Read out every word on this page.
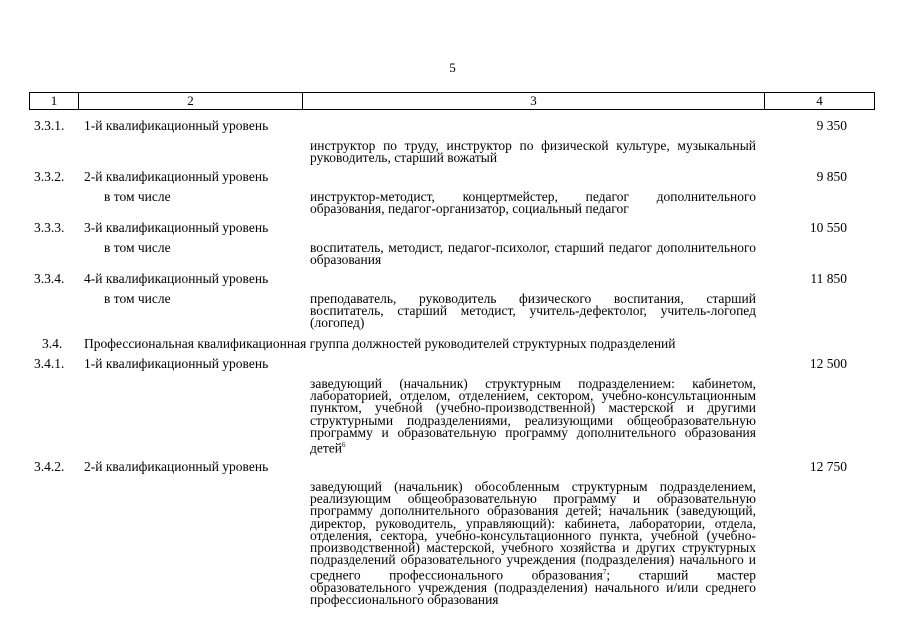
5
1	2	3	4
3.3.1. 1-й квалификационный уровень	9 350
инструктор по труду, инструктор по физической культуре, музыкальный руководитель, старший вожатый
3.3.2. 2-й квалификационный уровень	9 850
в том числе	инструктор-методист, концертмейстер, педагог дополнительного образования, педагог-организатор, социальный педагог
3.3.3. 3-й квалификационный уровень	10 550
в том числе	воспитатель, методист, педагог-психолог, старший педагог дополнительного образования
3.3.4. 4-й квалификационный уровень	11 850
в том числе	преподаватель, руководитель физического воспитания, старший воспитатель, старший методист, учитель-дефектолог, учитель-логопед (логопед)
3.4. Профессиональная квалификационная группа должностей руководителей структурных подразделений
3.4.1. 1-й квалификационный уровень	12 500
заведующий (начальник) структурным подразделением: кабинетом, лабораторией, отделом, отделением, сектором, учебно-консультационным пунктом, учебной (учебно-производственной) мастерской и другими структурными подразделениями, реализующими общеобразовательную программу и образовательную программу дополнительного образования детей$^6$
3.4.2. 2-й квалификационный уровень	12 750
заведующий (начальник) обособленным структурным подразделением, реализующим общеобразовательную программу и образовательную программу дополнительного образования детей; начальник (заведующий, директор, руководитель, управляющий): кабинета, лаборатории, отдела, отделения, сектора, учебно-консультационного пункта, учебной (учебно-производственной) мастерской, учебного хозяйства и других структурных подразделений образовательного учреждения (подразделения) начального и среднего профессионального образования$^7$; старший мастер образовательного учреждения (подразделения) начального и/или среднего профессионального образования
